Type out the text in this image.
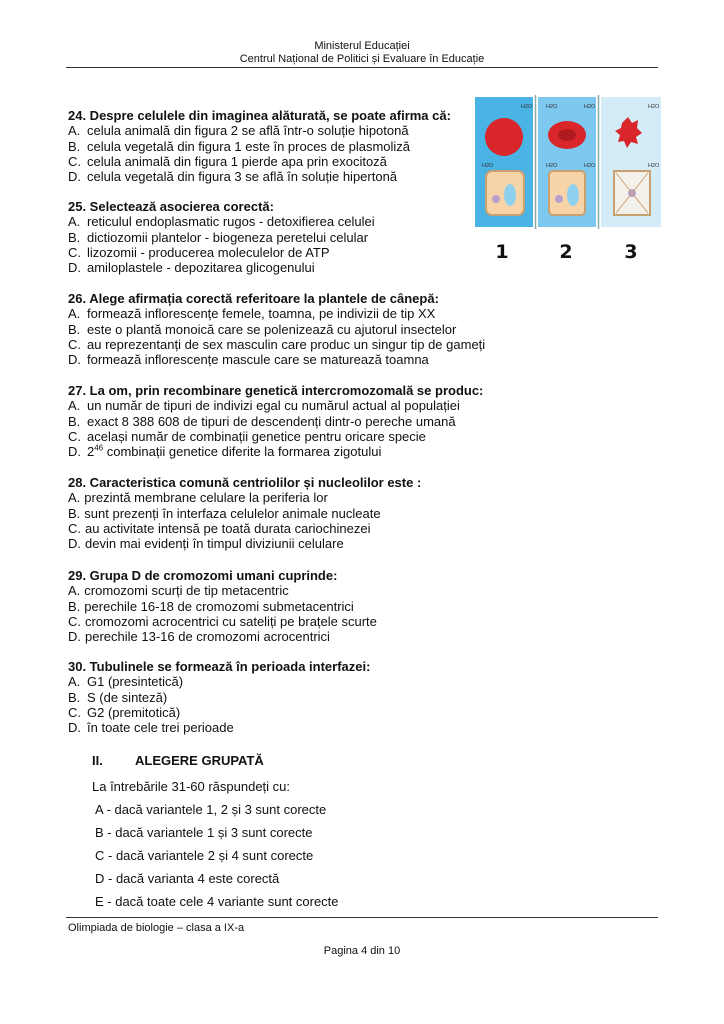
Ministerul Educației
Centrul Național de Politici și Evaluare în Educație
H2O
H2O
H2O	H2O
H2O	H2O
H2O
H2O
1	2	3
24. Despre celulele din imaginea alăturată, se poate afirma că:
A. celula animală din figura 2 se află într-o soluție hipotonă
B. celula vegetală din figura 1 este în proces de plasmoliză
C. celula animală din figura 1 pierde apa prin exocitoză
D. celula vegetală din figura 3 se află în soluție hipertonă
25. Selectează asocierea corectă:
A. reticulul endoplasmatic rugos - detoxifierea celulei
B. dictiozomii plantelor - biogeneza peretelui celular
C. lizozomii - producerea moleculelor de ATP
D. amiloplastele - depozitarea glicogenului
26. Alege afirmația corectă referitoare la plantele de cânepă:
A. formează inflorescențe femele, toamna, pe indivizii de tip XX
B. este o plantă monoică care se polenizează cu ajutorul insectelor
C. au reprezentanți de sex masculin care produc un singur tip de gameți
D. formează inflorescențe mascule care se maturează toamna
27. La om, prin recombinare genetică intercromozomală se produc:
A. un număr de tipuri de indivizi egal cu numărul actual al populației
B. exact 8 388 608 de tipuri de descendenți dintr-o pereche umană
C. același număr de combinații genetice pentru oricare specie
D. $2^{46}$ combinații genetice diferite la formarea zigotului
28. Caracteristica comună centriolilor și nucleolilor este :
A. prezintă membrane celulare la periferia lor
B. sunt prezenți în interfaza celulelor animale nucleate
C. au activitate intensă pe toată durata cariochinezei
D. devin mai evidenți în timpul diviziunii celulare
29. Grupa D de cromozomi umani cuprinde:
A. cromozomi scurți de tip metacentric
B. perechile 16-18 de cromozomi submetacentrici
C. cromozomi acrocentrici cu sateliți pe brațele scurte
D. perechile 13-16 de cromozomi acrocentrici
30. Tubulinele se formează în perioada interfazei:
A. G1 (presintetică)
B. S (de sinteză)
C. G2 (premitotică)
D. în toate cele trei perioade
II. ALEGERE GRUPATĂ
La întrebările 31-60 răspundeți cu:
A - dacă variantele 1, 2 și 3 sunt corecte
B - dacă variantele 1 și 3 sunt corecte
C - dacă variantele 2 și 4 sunt corecte
D - dacă varianta 4 este corectă
E - dacă toate cele 4 variante sunt corecte
Olimpiada de biologie – clasa a IX-a
Pagina 4 din 10
